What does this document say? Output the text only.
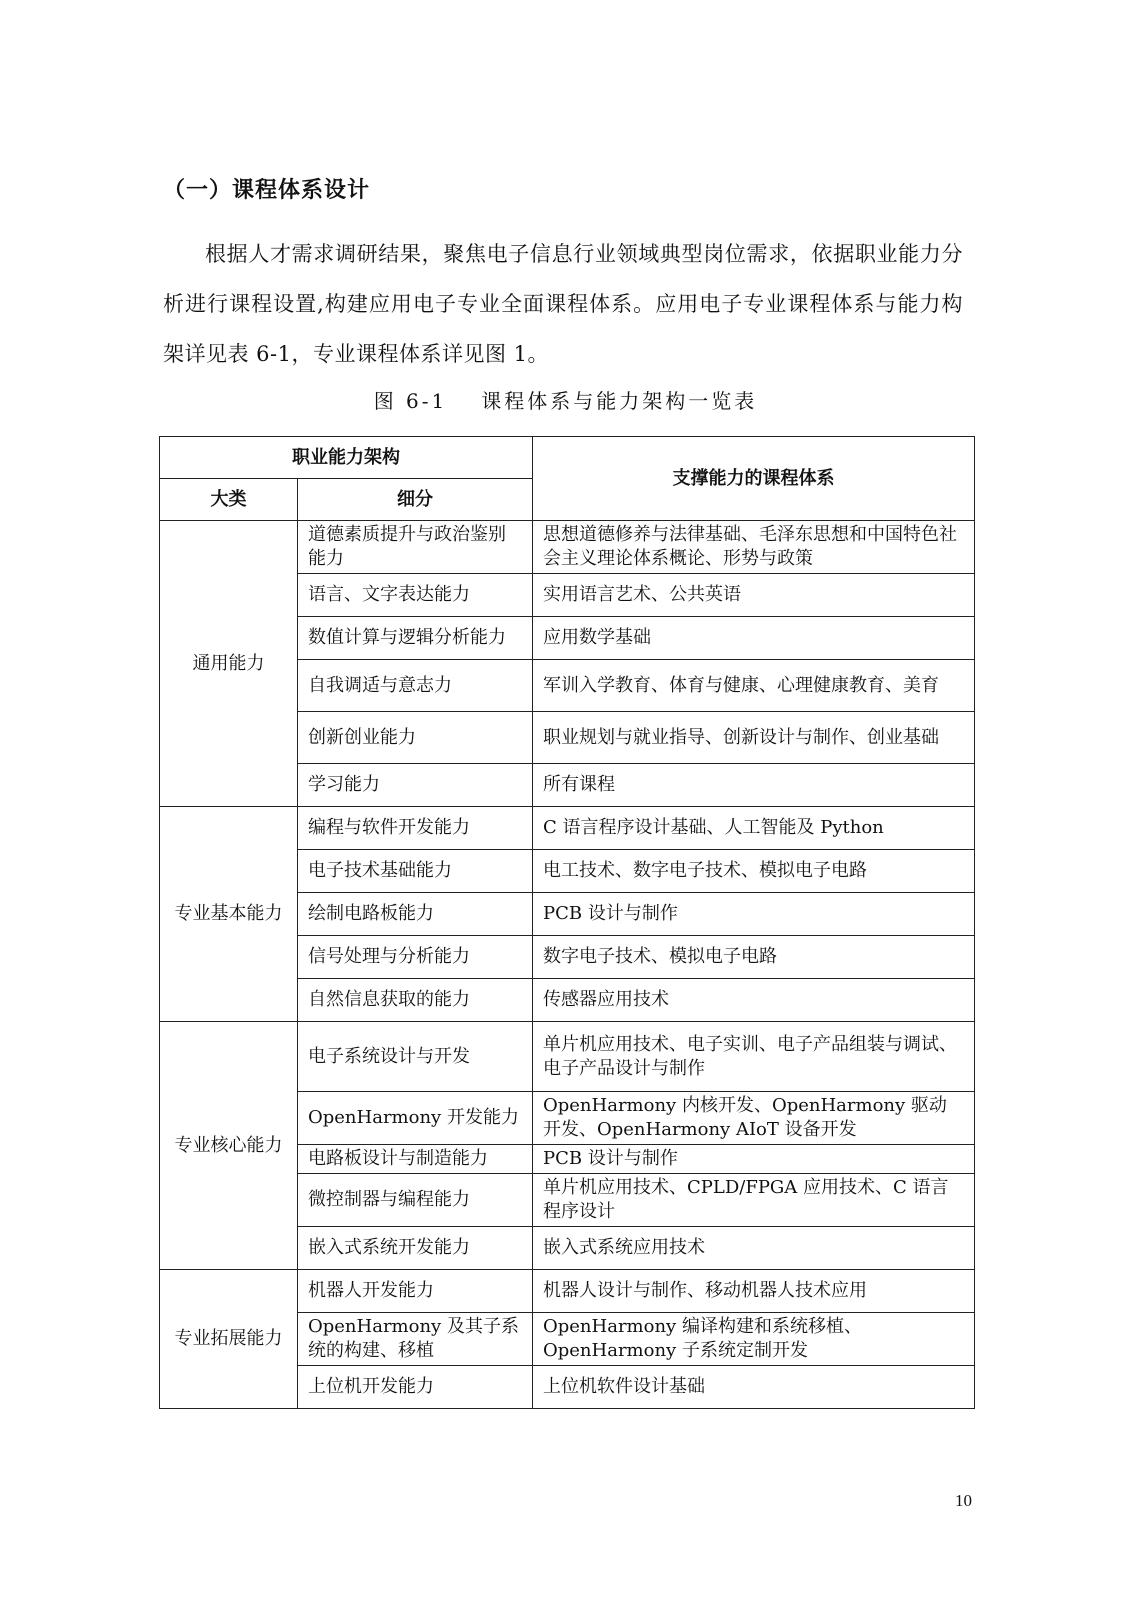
（一）课程体系设计
根据人才需求调研结果，聚焦电子信息行业领域典型岗位需求，依据职业能力分析进行课程设置,构建应用电子专业全面课程体系。应用电子专业课程体系与能力构架详见表 6-1，专业课程体系详见图 1。
图 6-1 课程体系与能力架构一览表
职业能力架构		支撑能力的课程体系
大类	细分	
通用能力	道德素质提升与政治鉴别能力	思想道德修养与法律基础、毛泽东思想和中国特色社会主义理论体系概论、形势与政策
	语言、文字表达能力	实用语言艺术、公共英语
	数值计算与逻辑分析能力	应用数学基础
	自我调适与意志力	军训入学教育、体育与健康、心理健康教育、美育
	创新创业能力	职业规划与就业指导、创新设计与制作、创业基础
	学习能力	所有课程
专业基本能力	编程与软件开发能力	C 语言程序设计基础、人工智能及 Python
	电子技术基础能力	电工技术、数字电子技术、模拟电子电路
	绘制电路板能力	PCB 设计与制作
	信号处理与分析能力	数字电子技术、模拟电子电路
	自然信息获取的能力	传感器应用技术
专业核心能力	电子系统设计与开发	单片机应用技术、电子实训、电子产品组装与调试、电子产品设计与制作
	OpenHarmony 开发能力	OpenHarmony 内核开发、OpenHarmony 驱动开发、OpenHarmony AIoT 设备开发
	电路板设计与制造能力	PCB 设计与制作
	微控制器与编程能力	单片机应用技术、CPLD/FPGA 应用技术、C 语言程序设计
	嵌入式系统开发能力	嵌入式系统应用技术
专业拓展能力	机器人开发能力	机器人设计与制作、移动机器人技术应用
	OpenHarmony 及其子系统的构建、移植	OpenHarmony 编译构建和系统移植、OpenHarmony 子系统定制开发
	上位机开发能力	上位机软件设计基础
10
